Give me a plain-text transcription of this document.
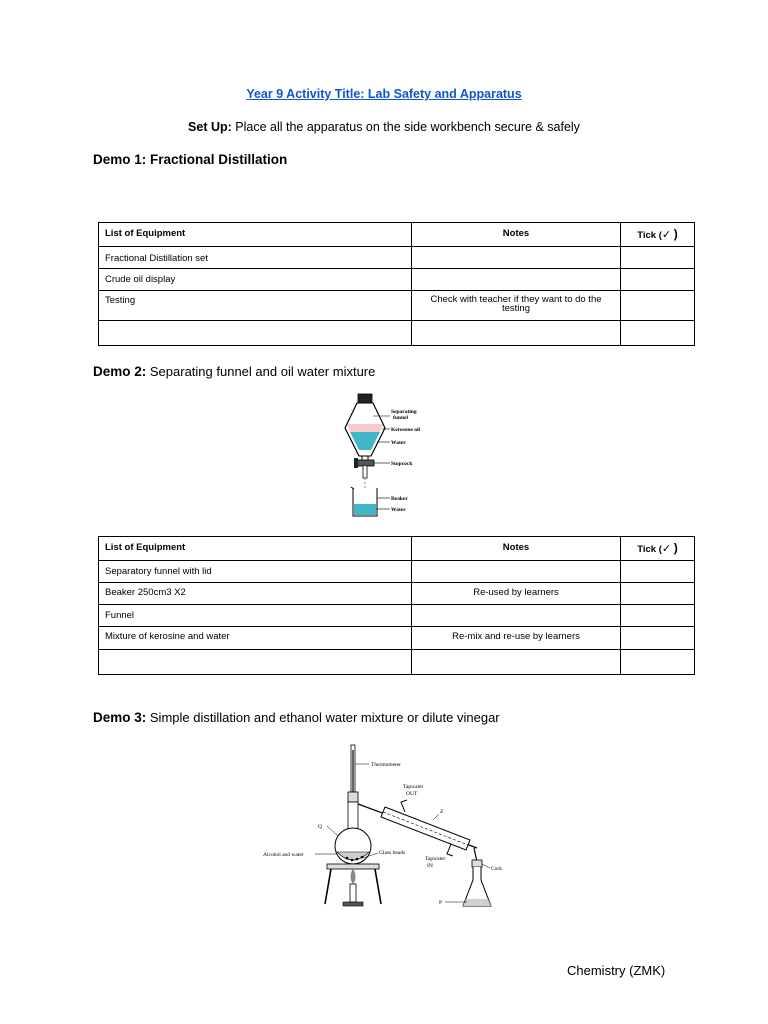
Year 9 Activity Title: Lab Safety and Apparatus
Set Up: Place all the apparatus on the side workbench secure & safely
Demo 1: Fractional Distillation
List of Equipment	Notes	Tick (✓ )
Fractional Distillation set		
Crude oil display		
Testing	Check with teacher if they want to do the testing	

Demo 2: Separating funnel and oil water mixture
Separating
funnel
Kerosene oil
Water
Stopcock
Beaker
Water
List of Equipment	Notes	Tick (✓ )
Separatory funnel with lid		
Beaker 250cm3 X2	Re-used by learners	
Funnel		
Mixture of kerosine and water	Re-mix and re-use by learners	

Demo 3: Simple distillation and ethanol water mixture or dilute vinegar
Thermometer
Q
Alcohol and water	Glass beads
Tapwater
OUT
Z
Tapwater
IN	Cork
P
Chemistry (ZMK)
